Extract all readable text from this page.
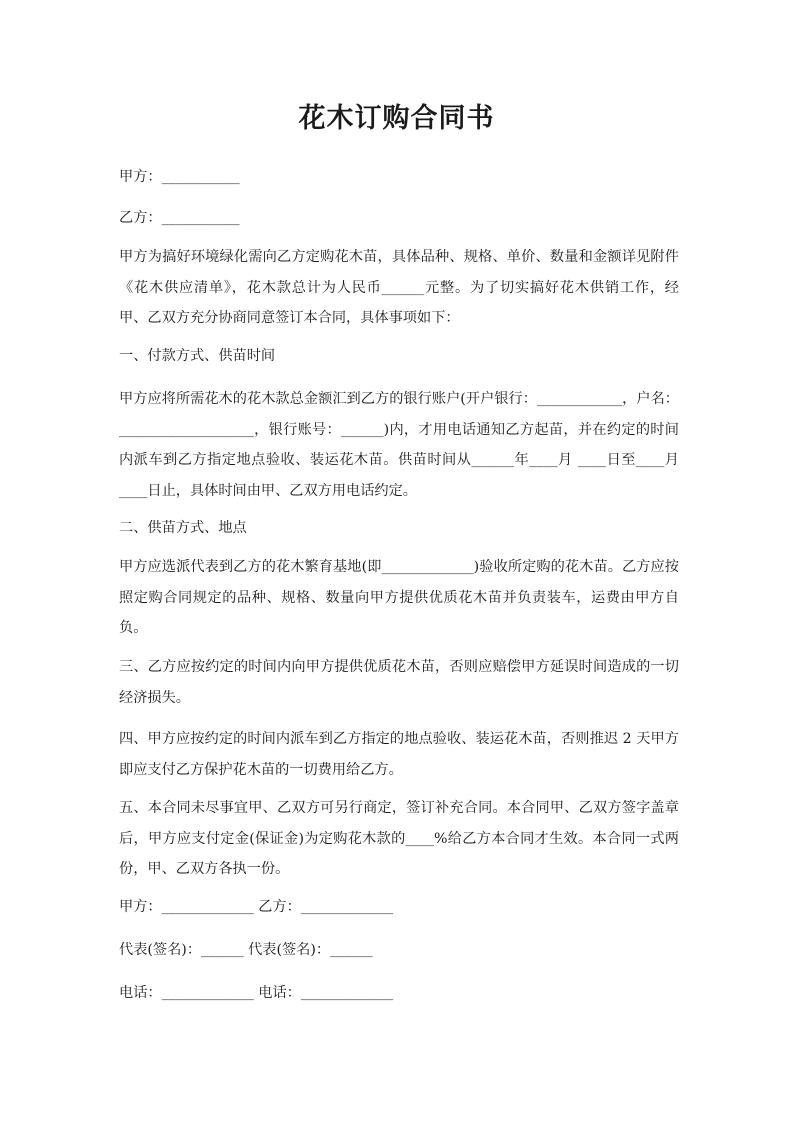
花木订购合同书

甲方：___________

乙方：___________

甲方为搞好环境绿化需向乙方定购花木苗，具体品种、规格、单价、数量和金额详见附件《花木供应清单》，花木款总计为人民币______元整。为了切实搞好花木供销工作，经甲、乙双方充分协商同意签订本合同，具体事项如下：

一、付款方式、供苗时间

甲方应将所需花木的花木款总金额汇到乙方的银行账户(开户银行：____________，户名：___________________，银行账号：______)内，才用电话通知乙方起苗，并在约定的时间内派车到乙方指定地点验收、装运花木苗。供苗时间从______年____月 ____日至____月____日止，具体时间由甲、乙双方用电话约定。

二、供苗方式、地点

甲方应选派代表到乙方的花木繁育基地(即_____________)验收所定购的花木苗。乙方应按照定购合同规定的品种、规格、数量向甲方提供优质花木苗并负责装车，运费由甲方自负。

三、乙方应按约定的时间内向甲方提供优质花木苗，否则应赔偿甲方延误时间造成的一切经济损失。

四、甲方应按约定的时间内派车到乙方指定的地点验收、装运花木苗，否则推迟 2 天甲方即应支付乙方保护花木苗的一切费用给乙方。

五、本合同未尽事宜甲、乙双方可另行商定，签订补充合同。本合同甲、乙双方签字盖章后，甲方应支付定金(保证金)为定购花木款的____%给乙方本合同才生效。本合同一式两份，甲、乙双方各执一份。

甲方：_____________ 乙方：_____________

代表(签名)：______ 代表(签名)：______

电话：_____________ 电话：_____________
